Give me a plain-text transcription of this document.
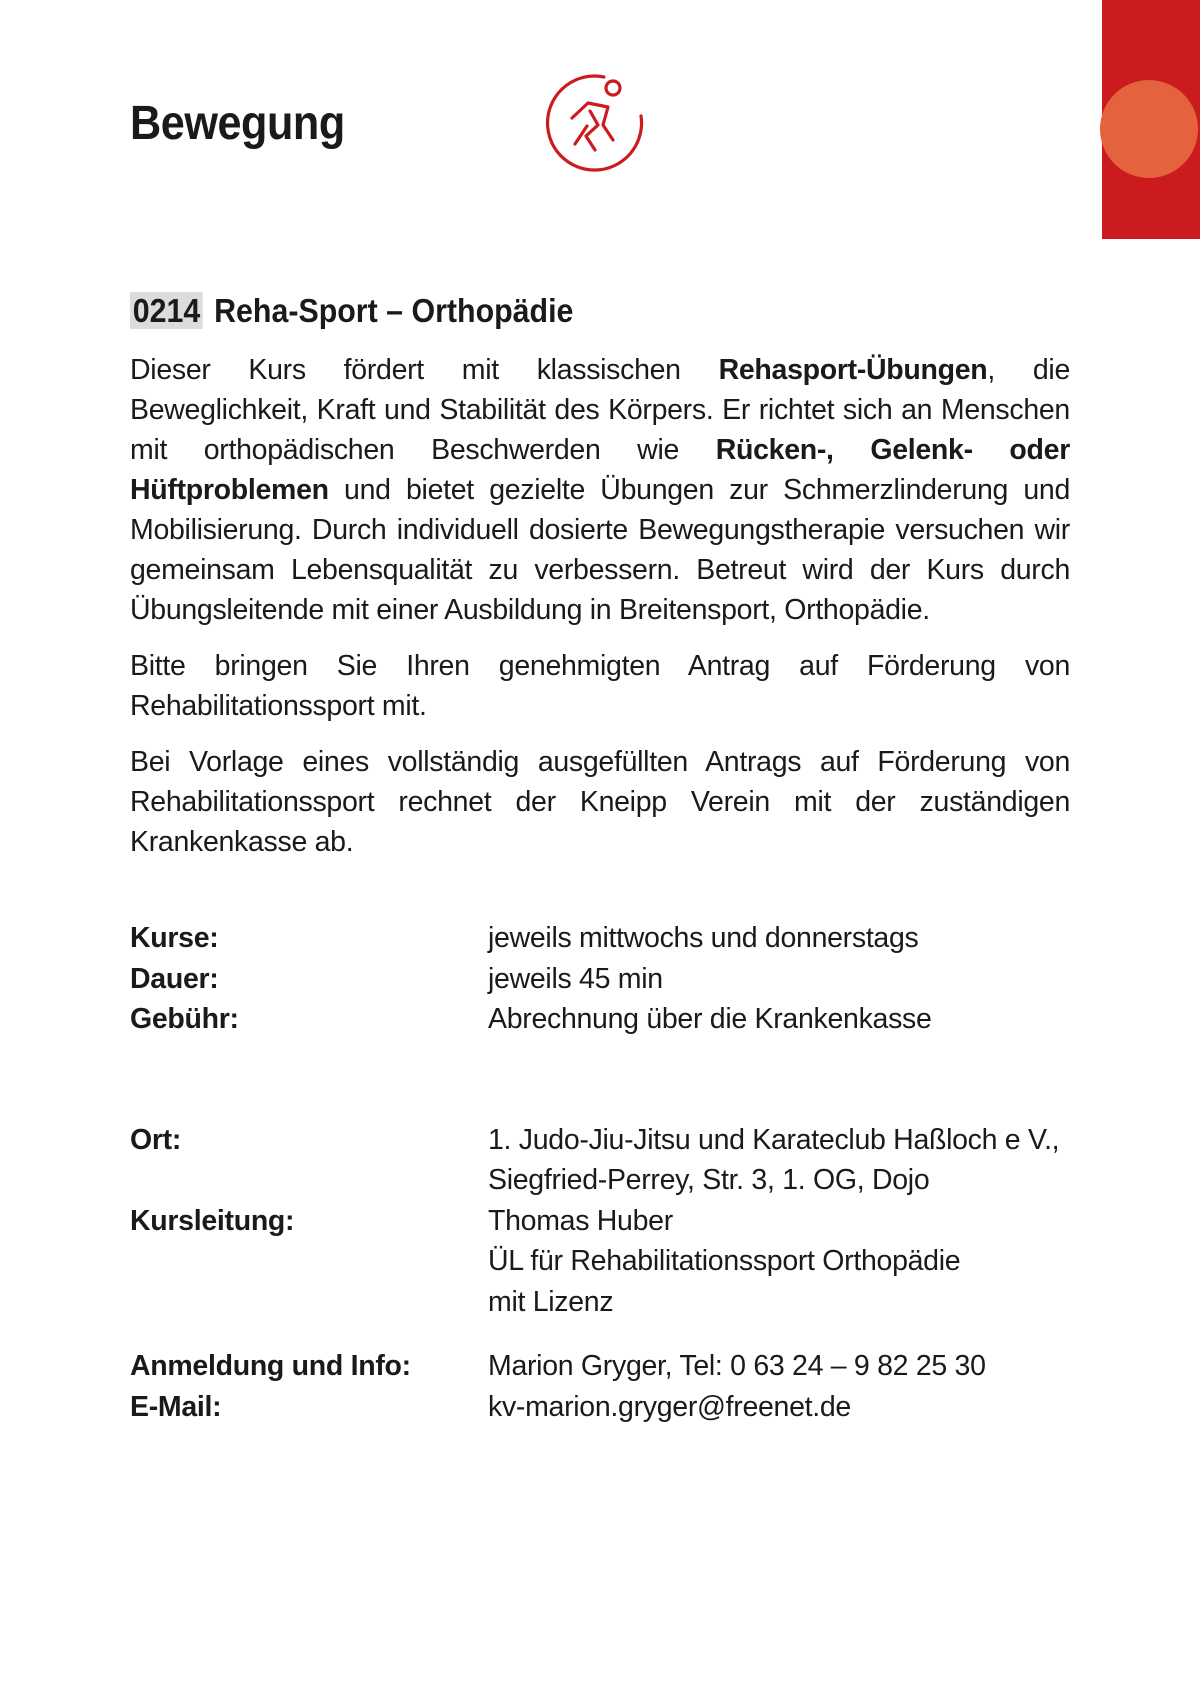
Bewegung
0214 Reha-Sport – Orthopädie

Dieser Kurs fördert mit klassischen Rehasport-Übungen, die Beweglichkeit, Kraft und Stabilität des Körpers. Er richtet sich an Menschen mit orthopädischen Beschwerden wie Rücken-, Gelenk- oder Hüftproblemen und bietet gezielte Übungen zur Schmerzlinderung und Mobilisierung. Durch individuell dosierte Bewegungstherapie versuchen wir gemeinsam Lebensqualität zu verbessern. Betreut wird der Kurs durch Übungsleitende mit einer Ausbildung in Breitensport, Orthopädie.

Bitte bringen Sie Ihren genehmigten Antrag auf Förderung von Rehabilitationssport mit.

Bei Vorlage eines vollständig ausgefüllten Antrags auf Förderung von Rehabilitationssport rechnet der Kneipp Verein mit der zuständigen Krankenkasse ab.

Kurse:	jeweils mittwochs und donnerstags
Dauer:	jeweils 45 min
Gebühr:	Abrechnung über die Krankenkasse
Ort:	1. Judo-Jiu-Jitsu und Karateclub Haßloch e V.,
Siegfried-Perrey, Str. 3, 1. OG, Dojo
Kursleitung:	Thomas Huber
ÜL für Rehabilitationssport Orthopädie
mit Lizenz
Anmeldung und Info:	Marion Gryger, Tel: 0 63 24 – 9 82 25 30
E-Mail:	kv-marion.gryger@freenet.de
